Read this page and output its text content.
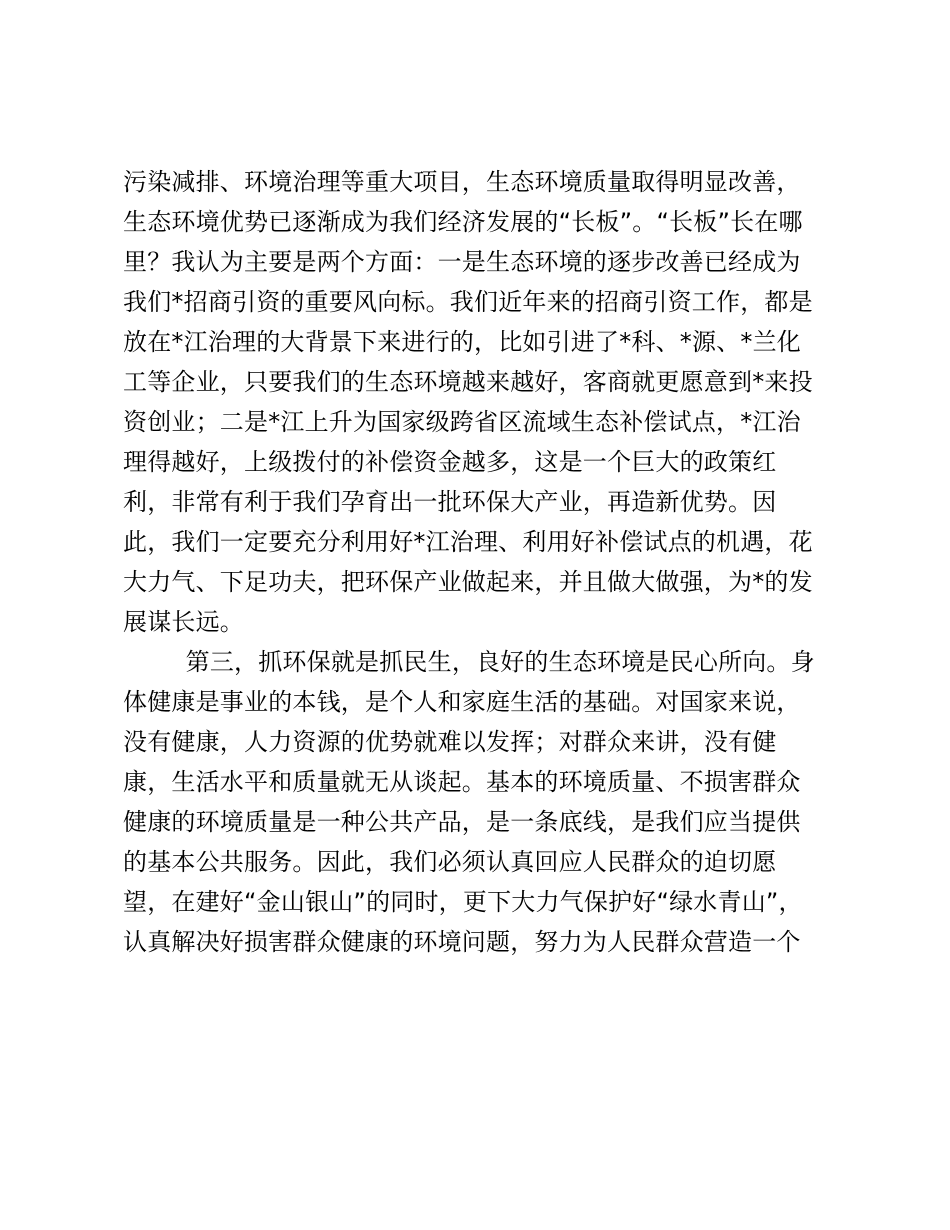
污染减排、环境治理等重大项目，生态环境质量取得明显改善，
生态环境优势已逐渐成为我们经济发展的“长板”。“长板”长在哪
里？我认为主要是两个方面：一是生态环境的逐步改善已经成为
我们*招商引资的重要风向标。我们近年来的招商引资工作，都是
放在*江治理的大背景下来进行的，比如引进了*科、*源、*兰化
工等企业，只要我们的生态环境越来越好，客商就更愿意到*来投
资创业；二是*江上升为国家级跨省区流域生态补偿试点，*江治
理得越好，上级拨付的补偿资金越多，这是一个巨大的政策红
利，非常有利于我们孕育出一批环保大产业，再造新优势。因
此，我们一定要充分利用好*江治理、利用好补偿试点的机遇，花
大力气、下足功夫，把环保产业做起来，并且做大做强，为*的发
展谋长远。
第三，抓环保就是抓民生，良好的生态环境是民心所向。身
体健康是事业的本钱，是个人和家庭生活的基础。对国家来说，
没有健康，人力资源的优势就难以发挥；对群众来讲，没有健
康，生活水平和质量就无从谈起。基本的环境质量、不损害群众
健康的环境质量是一种公共产品，是一条底线，是我们应当提供
的基本公共服务。因此，我们必须认真回应人民群众的迫切愿
望，在建好“金山银山”的同时，更下大力气保护好“绿水青山”，
认真解决好损害群众健康的环境问题，努力为人民群众营造一个
